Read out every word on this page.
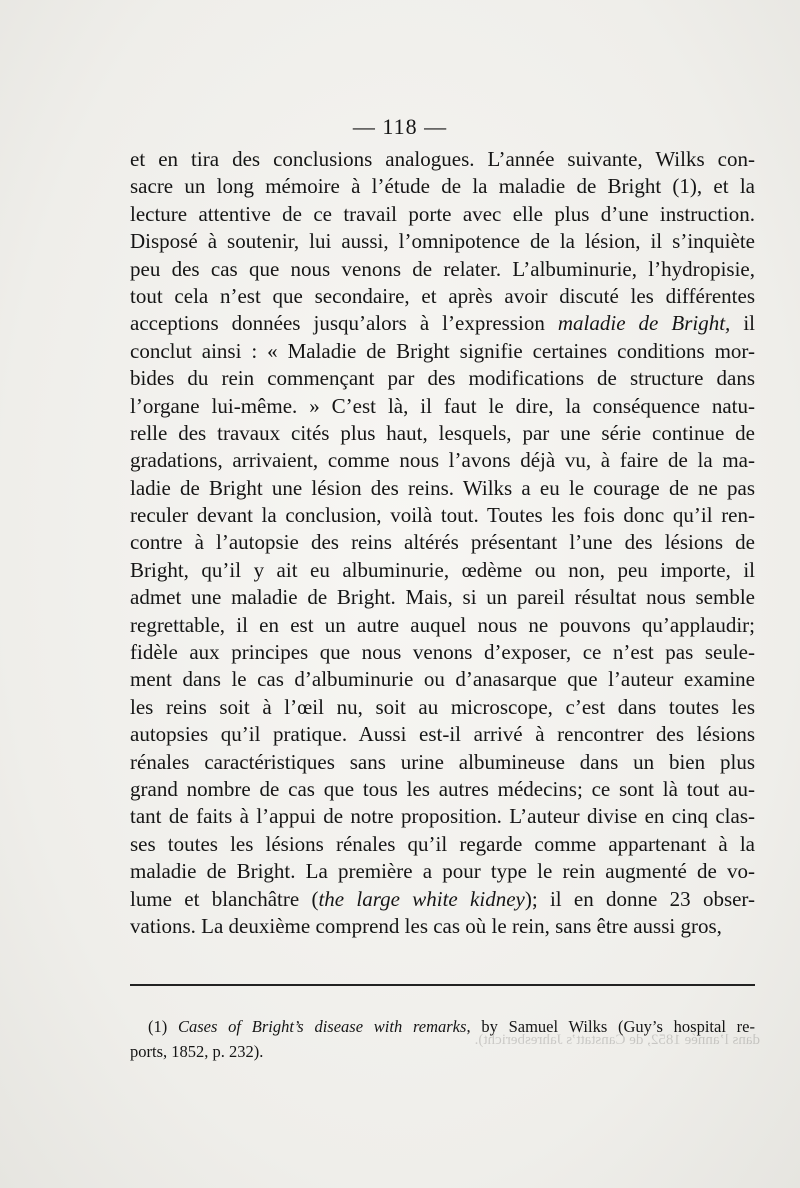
— 118 —
et en tira des conclusions analogues. L’année suivante, Wilks con-
sacre un long mémoire à l’étude de la maladie de Bright (1), et la
lecture attentive de ce travail porte avec elle plus d’une instruction.
Disposé à soutenir, lui aussi, l’omnipotence de la lésion, il s’inquiète
peu des cas que nous venons de relater. L’albuminurie, l’hydropisie,
tout cela n’est que secondaire, et après avoir discuté les différentes
acceptions données jusqu’alors à l’expression maladie de Bright, il
conclut ainsi : « Maladie de Bright signifie certaines conditions mor-
bides du rein commençant par des modifications de structure dans
l’organe lui-même. » C’est là, il faut le dire, la conséquence natu-
relle des travaux cités plus haut, lesquels, par une série continue de
gradations, arrivaient, comme nous l’avons déjà vu, à faire de la ma-
ladie de Bright une lésion des reins. Wilks a eu le courage de ne pas
reculer devant la conclusion, voilà tout. Toutes les fois donc qu’il ren-
contre à l’autopsie des reins altérés présentant l’une des lésions de
Bright, qu’il y ait eu albuminurie, œdème ou non, peu importe, il
admet une maladie de Bright. Mais, si un pareil résultat nous semble
regrettable, il en est un autre auquel nous ne pouvons qu’applaudir;
fidèle aux principes que nous venons d’exposer, ce n’est pas seule-
ment dans le cas d’albuminurie ou d’anasarque que l’auteur examine
les reins soit à l’œil nu, soit au microscope, c’est dans toutes les
autopsies qu’il pratique. Aussi est-il arrivé à rencontrer des lésions
rénales caractéristiques sans urine albumineuse dans un bien plus
grand nombre de cas que tous les autres médecins; ce sont là tout au-
tant de faits à l’appui de notre proposition. L’auteur divise en cinq clas-
ses toutes les lésions rénales qu’il regarde comme appartenant à la
maladie de Bright. La première a pour type le rein augmenté de vo-
lume et blanchâtre (the large white kidney); il en donne 23 obser-
vations. La deuxième comprend les cas où le rein, sans être aussi gros,
(1) Cases of Bright’s disease with remarks, by Samuel Wilks (Guy’s hospital re-
ports, 1852, p. 232).
dans l’année 1852, de Canstatt’s Jahresbericht).
